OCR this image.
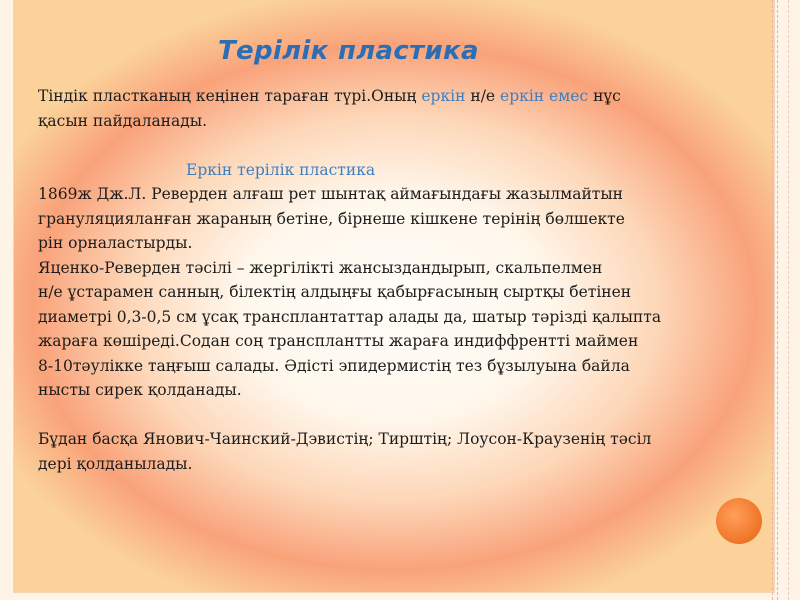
Терілік пластика
Тіндік пластканың кеңінен тараған түрі.Оның еркін н/е еркін емес нұс
қасын пайдаланады.
Еркін терілік пластика
1869ж Дж.Л. Реверден алғаш рет шынтақ аймағындағы жазылмайтын
грануляцияланған жараның бетіне, бірнеше кішкене терінің бөлшекте
рін орналастырды.
Яценко-Реверден тәсілі – жергілікті жансыздандырып, скальпелмен
н/е ұстарамен санның, білектің алдыңғы қабырғасының сыртқы бетінен
диаметрі 0,3-0,5 см ұсақ трансплантаттар алады да, шатыр тәрізді қалыпта
жараға көшіреді.Содан соң трансплантты жараға индиффрентті маймен
8-10тәулікке таңғыш салады. Әдісті эпидермистің тез бұзылуына байла
нысты сирек қолданады.
Бұдан басқа Янович-Чаинский-Дэвистің; Тирштің; Лоусон-Краузенің тәсіл
дері қолданылады.
